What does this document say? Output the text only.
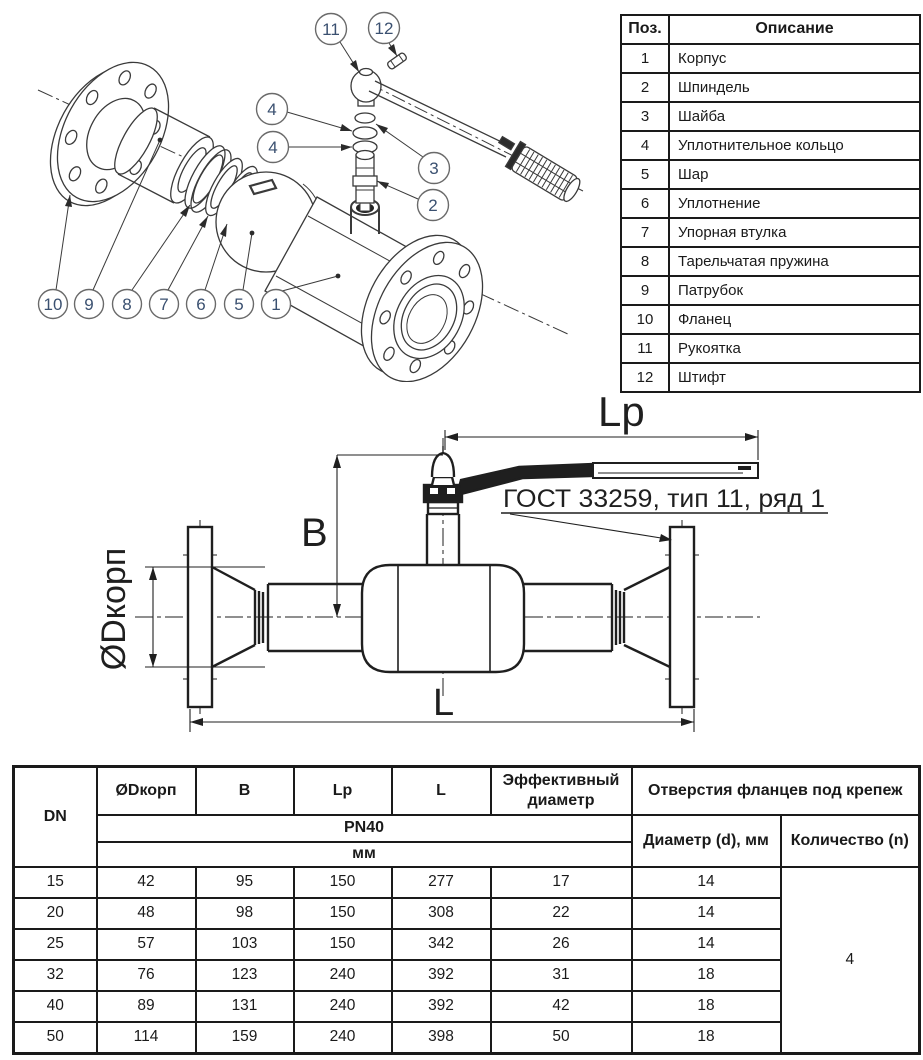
11 12
4
4
3
2
10 9 8 7 6 5 1
Поз.	Описание
1	Корпус
2	Шпиндель
3	Шайба
4	Уплотнительное кольцо
5	Шар
6	Уплотнение
7	Упорная втулка
8	Тарельчатая пружина
9	Патрубок
10	Фланец
11	Рукоятка
12	Штифт
Lp
B
L
ØDкорп
ГОСТ 33259, тип 11, ряд 1
DN	ØDкорп	B	Lp	L	Эффективный диаметр	Отверстия фланцев под крепеж	
	PN40					Диаметр (d), мм	Количество (n)
	мм						
15	42	95	150	277	17	14	4
20	48	98	150	308	22	14	
25	57	103	150	342	26	14	
32	76	123	240	392	31	18	
40	89	131	240	392	42	18	
50	114	159	240	398	50	18	
